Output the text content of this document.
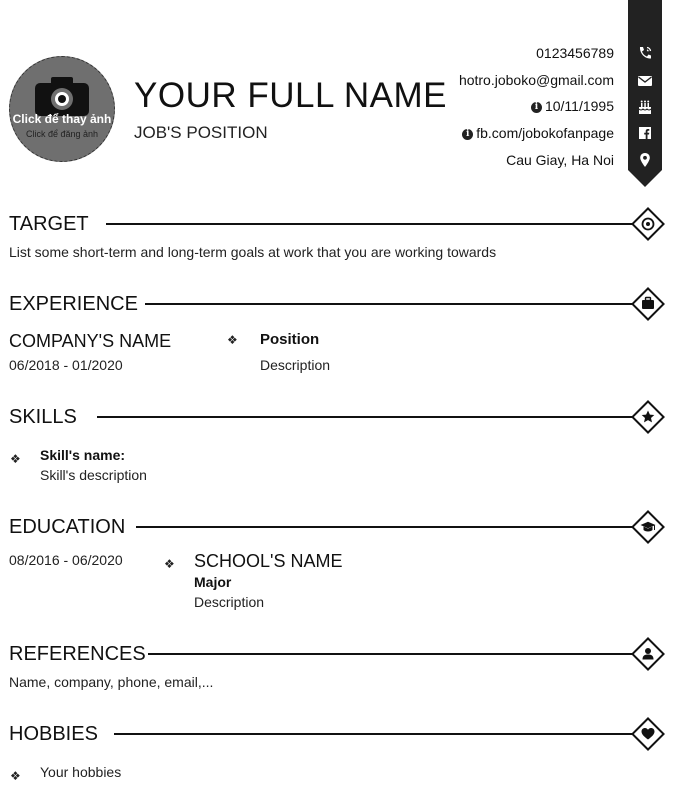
Click để thay ảnh
Click để đăng ảnh
YOUR FULL NAME
JOB'S POSITION
0123456789
hotro.joboko@gmail.com
i 10/11/1995
i fb.com/jobokofanpage
Cau Giay, Ha Noi
TARGET
List some short-term and long-term goals at work that you are working towards
EXPERIENCE
COMPANY'S NAME
06/2018 - 01/2020
❖ Position
Description
SKILLS
❖ Skill's name:
Skill's description
EDUCATION
08/2016 - 06/2020	❖ SCHOOL'S NAME
Major
Description
REFERENCES
Name, company, phone, email,...
HOBBIES
❖ Your hobbies
